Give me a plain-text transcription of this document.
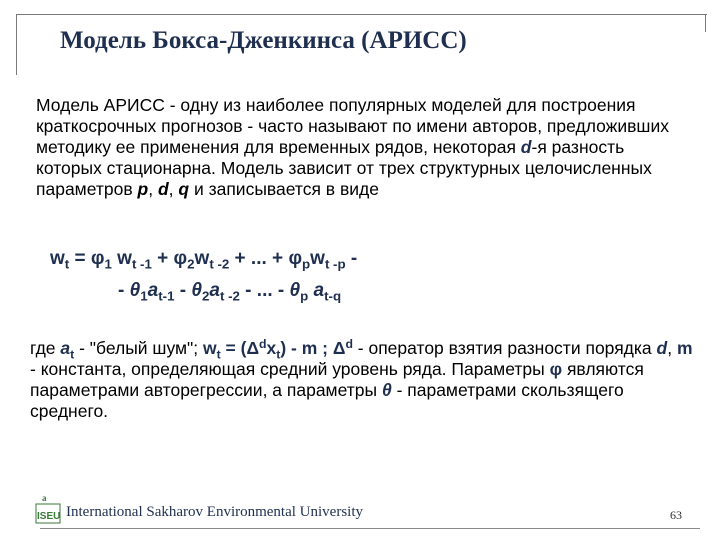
Модель Бокса-Дженкинса (АРИСС)
Модель АРИСС - одну из наиболее популярных моделей для построения краткосрочных прогнозов - часто называют по имени авторов, предложивших методику ее применения для временных рядов, некоторая d-я разность которых стационарна. Модель зависит от трех структурных целочисленных параметров p, d, q и записывается в виде
$w_t = \varphi_1$ $w_{t -1} + \varphi_2w_{t -2}$ + ... + $\varphi_pw_{t -p}$ -
- $\theta_1a_{t-1} - \theta_2a_{t -2}$ - ... - $\theta_p$ $a_{t-q}$
где $a_t$ - "белый шум"; $w_t = (\Delta^dx_t) - m$ ; $\Delta^d$ - оператор взятия разности порядка d, m - константа, определяющая средний уровень ряда. Параметры φ являются параметрами авторегрессии, а параметры θ - параметрами скользящего среднего.
a
ISEU International Sakharov Environmental University	63
